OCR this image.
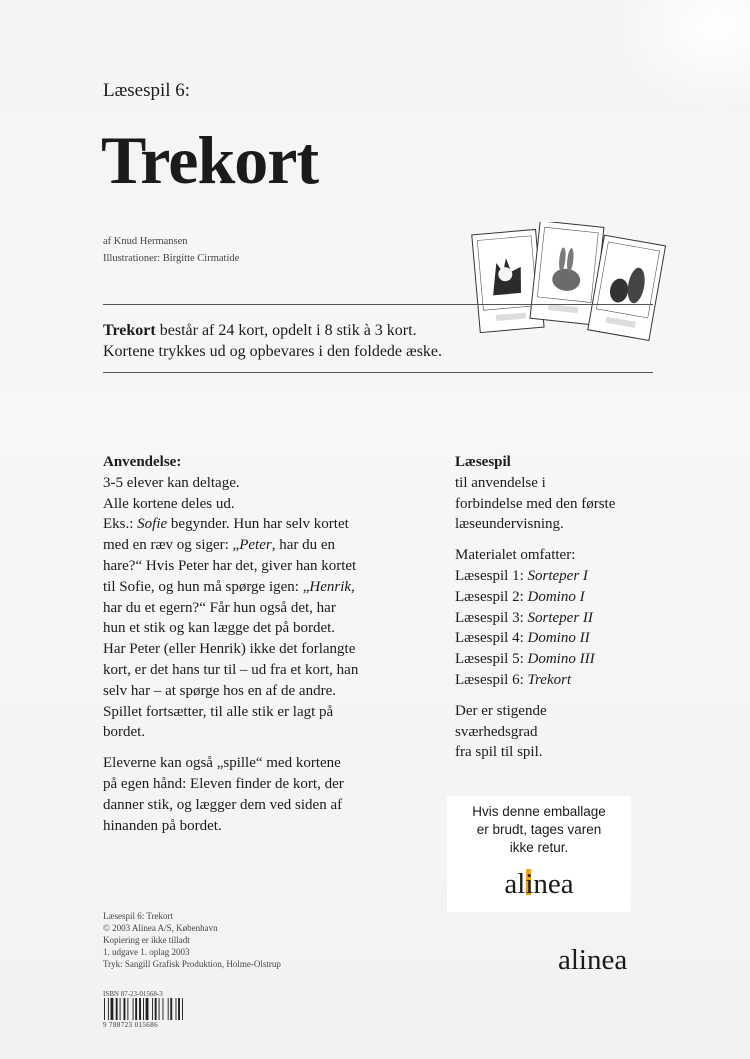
Læsespil 6:
Trekort
af Knud Hermansen
Illustrationer: Birgitte Cirmatide
Trekort består af 24 kort, opdelt i 8 stik à 3 kort.
Kortene trykkes ud og opbevares i den foldede æske.
Anvendelse:
3-5 elever kan deltage.
Alle kortene deles ud.
Eks.: Sofie begynder. Hun har selv kortet
med en ræv og siger: „Peter, har du en
hare?“ Hvis Peter har det, giver han kortet
til Sofie, og hun må spørge igen: „Henrik,
har du et egern?“ Får hun også det, har
hun et stik og kan lægge det på bordet.
Har Peter (eller Henrik) ikke det forlangte
kort, er det hans tur til – ud fra et kort, han
selv har – at spørge hos en af de andre.
Spillet fortsætter, til alle stik er lagt på
bordet.
Eleverne kan også „spille“ med kortene
på egen hånd: Eleven finder de kort, der
danner stik, og lægger dem ved siden af
hinanden på bordet.
Læsespil
til anvendelse i
forbindelse med den første
læseundervisning.
Materialet omfatter:
Læsespil 1: Sorteper I
Læsespil 2: Domino I
Læsespil 3: Sorteper II
Læsespil 4: Domino II
Læsespil 5: Domino III
Læsespil 6: Trekort
Der er stigende
sværhedsgrad
fra spil til spil.
Hvis denne emballage
er brudt, tages varen
ikke retur.
al
inea
Læsespil 6: Trekort
© 2003 Alinea A/S, København
Kopiering er ikke tilladt
1. udgave 1. oplag 2003
Tryk: Sangill Grafisk Produktion, Holme-Olstrup
ISBN 87-23-01568-3
9 788723 015686
alinea
